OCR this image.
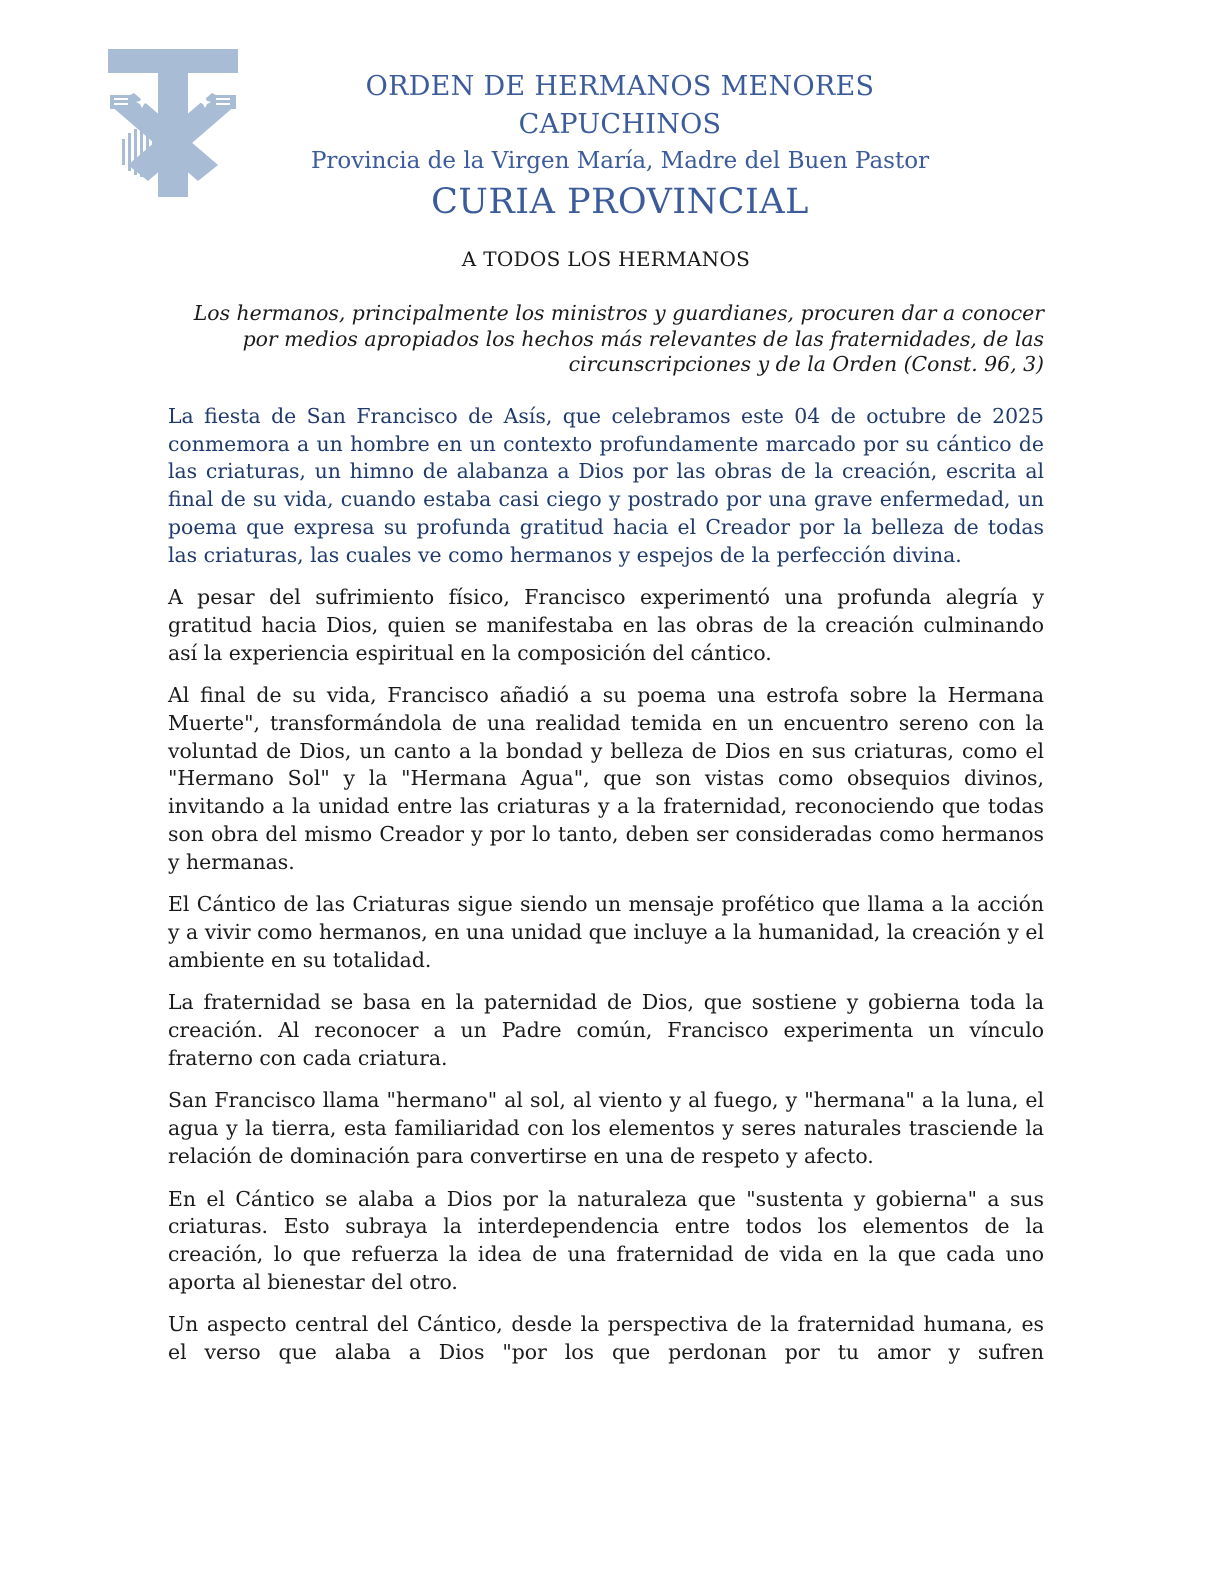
ORDEN DE HERMANOS MENORES CAPUCHINOS
Provincia de la Virgen María, Madre del Buen Pastor
CURIA PROVINCIAL
A TODOS LOS HERMANOS
Los hermanos, principalmente los ministros y guardianes, procuren dar a conocer por medios apropiados los hechos más relevantes de las fraternidades, de las circunscripciones y de la Orden (Const. 96, 3)

La fiesta de San Francisco de Asís, que celebramos este 04 de octubre de 2025 conmemora a un hombre en un contexto profundamente marcado por su cántico de las criaturas, un himno de alabanza a Dios por las obras de la creación, escrita al final de su vida, cuando estaba casi ciego y postrado por una grave enfermedad, un poema que expresa su profunda gratitud hacia el Creador por la belleza de todas las criaturas, las cuales ve como hermanos y espejos de la perfección divina.

A pesar del sufrimiento físico, Francisco experimentó una profunda alegría y gratitud hacia Dios, quien se manifestaba en las obras de la creación culminando así la experiencia espiritual en la composición del cántico.

Al final de su vida, Francisco añadió a su poema una estrofa sobre la Hermana Muerte", transformándola de una realidad temida en un encuentro sereno con la voluntad de Dios, un canto a la bondad y belleza de Dios en sus criaturas, como el "Hermano Sol" y la "Hermana Agua", que son vistas como obsequios divinos, invitando a la unidad entre las criaturas y a la fraternidad, reconociendo que todas son obra del mismo Creador y por lo tanto, deben ser consideradas como hermanos y hermanas.

El Cántico de las Criaturas sigue siendo un mensaje profético que llama a la acción y a vivir como hermanos, en una unidad que incluye a la humanidad, la creación y el ambiente en su totalidad.

La fraternidad se basa en la paternidad de Dios, que sostiene y gobierna toda la creación. Al reconocer a un Padre común, Francisco experimenta un vínculo fraterno con cada criatura.

San Francisco llama "hermano" al sol, al viento y al fuego, y "hermana" a la luna, el agua y la tierra, esta familiaridad con los elementos y seres naturales trasciende la relación de dominación para convertirse en una de respeto y afecto.

En el Cántico se alaba a Dios por la naturaleza que "sustenta y gobierna" a sus criaturas. Esto subraya la interdependencia entre todos los elementos de la creación, lo que refuerza la idea de una fraternidad de vida en la que cada uno aporta al bienestar del otro.

Un aspecto central del Cántico, desde la perspectiva de la fraternidad humana, es el verso que alaba a Dios "por los que perdonan por tu amor y sufren
